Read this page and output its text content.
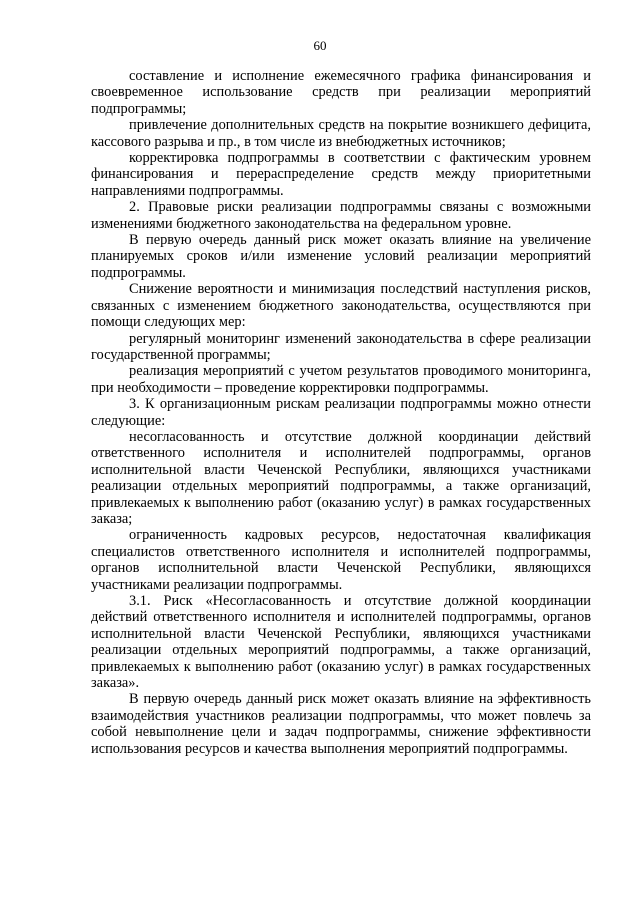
60

составление и исполнение ежемесячного графика финансирования и своевременное использование средств при реализации мероприятий подпрограммы;

привлечение дополнительных средств на покрытие возникшего дефицита, кассового разрыва и пр., в том числе из внебюджетных источников;

корректировка подпрограммы в соответствии с фактическим уровнем финансирования и перераспределение средств между приоритетными направлениями подпрограммы.

2. Правовые риски реализации подпрограммы связаны с возможными изменениями бюджетного законодательства на федеральном уровне.

В первую очередь данный риск может оказать влияние на увеличение планируемых сроков и/или изменение условий реализации мероприятий подпрограммы.

Снижение вероятности и минимизация последствий наступления рисков, связанных с изменением бюджетного законодательства, осуществляются при помощи следующих мер:

регулярный мониторинг изменений законодательства в сфере реализации государственной программы;

реализация мероприятий с учетом результатов проводимого мониторинга, при необходимости – проведение корректировки подпрограммы.

3. К организационным рискам реализации подпрограммы можно отнести следующие:

несогласованность и отсутствие должной координации действий ответственного исполнителя и исполнителей подпрограммы, органов исполнительной власти Чеченской Республики, являющихся участниками реализации отдельных мероприятий подпрограммы, а также организаций, привлекаемых к выполнению работ (оказанию услуг) в рамках государственных заказа;

ограниченность кадровых ресурсов, недостаточная квалификация специалистов ответственного исполнителя и исполнителей подпрограммы, органов исполнительной власти Чеченской Республики, являющихся участниками реализации подпрограммы.

3.1. Риск «Несогласованность и отсутствие должной координации действий ответственного исполнителя и исполнителей подпрограммы, органов исполнительной власти Чеченской Республики, являющихся участниками реализации отдельных мероприятий подпрограммы, а также организаций, привлекаемых к выполнению работ (оказанию услуг) в рамках государственных заказа».

В первую очередь данный риск может оказать влияние на эффективность взаимодействия участников реализации подпрограммы, что может повлечь за собой невыполнение цели и задач подпрограммы, снижение эффективности использования ресурсов и качества выполнения мероприятий подпрограммы.
